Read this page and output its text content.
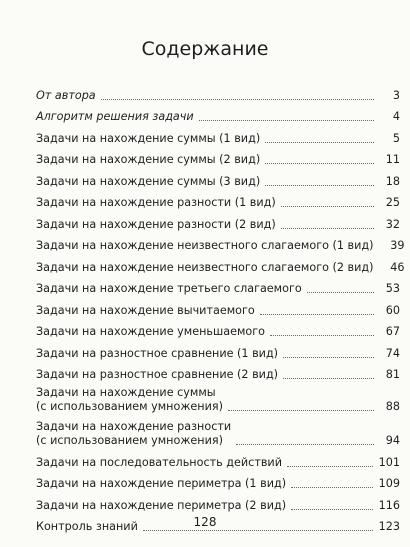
Содержание
От автора	3
Алгоритм решения задачи	4
Задачи на нахождение суммы (1 вид)	5
Задачи на нахождение суммы (2 вид)	11
Задачи на нахождение суммы (3 вид)	18
Задачи на нахождение разности (1 вид)	25
Задачи на нахождение разности (2 вид)	32
Задачи на нахождение неизвестного слагаемого (1 вид)	39
Задачи на нахождение неизвестного слагаемого (2 вид)	46
Задачи на нахождение третьего слагаемого	53
Задачи на нахождение вычитаемого	60
Задачи на нахождение уменьшаемого	67
Задачи на разностное сравнение (1 вид)	74
Задачи на разностное сравнение (2 вид)	81
Задачи на нахождение суммы
(с использованием умножения)	88
Задачи на нахождение разности
(с использованием умножения)	94
Задачи на последовательность действий	101
Задачи на нахождение периметра (1 вид)	109
Задачи на нахождение периметра (2 вид)	116
Контроль знаний	123
128
